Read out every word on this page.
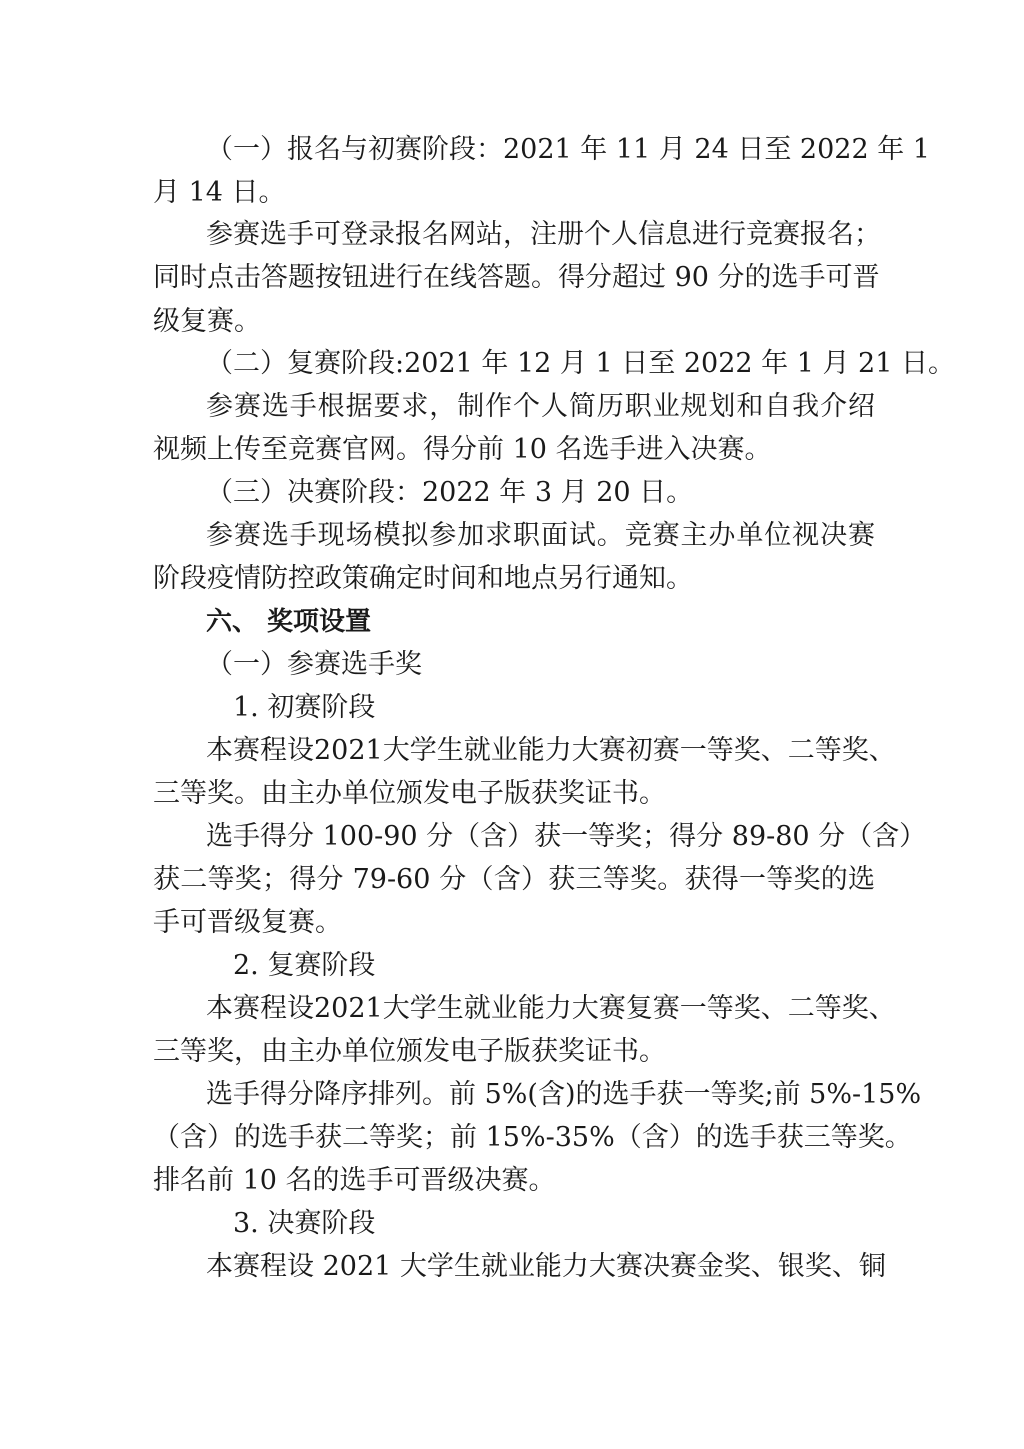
（一）报名与初赛阶段：2021 年 11 月 24 日至 2022 年 1
月 14 日。
参赛选手可登录报名网站，注册个人信息进行竞赛报名；
同时点击答题按钮进行在线答题。得分超过 90 分的选手可晋
级复赛。
（二）复赛阶段:2021 年 12 月 1 日至 2022 年 1 月 21 日。
参赛选手根据要求，制作个人简历职业规划和自我介绍
视频上传至竞赛官网。得分前 10 名选手进入决赛。
（三）决赛阶段：2022 年 3 月 20 日。
参赛选手现场模拟参加求职面试。竞赛主办单位视决赛
阶段疫情防控政策确定时间和地点另行通知。
六、 奖项设置
（一）参赛选手奖
1. 初赛阶段
本赛程设2021大学生就业能力大赛初赛一等奖、二等奖、
三等奖。由主办单位颁发电子版获奖证书。
选手得分 100-90 分（含）获一等奖；得分 89-80 分（含）
获二等奖；得分 79-60 分（含）获三等奖。获得一等奖的选
手可晋级复赛。
2. 复赛阶段
本赛程设2021大学生就业能力大赛复赛一等奖、二等奖、
三等奖，由主办单位颁发电子版获奖证书。
选手得分降序排列。前 5%(含)的选手获一等奖;前 5%-15%
（含）的选手获二等奖；前 15%-35%（含）的选手获三等奖。
排名前 10 名的选手可晋级决赛。
3. 决赛阶段
本赛程设 2021 大学生就业能力大赛决赛金奖、银奖、铜
